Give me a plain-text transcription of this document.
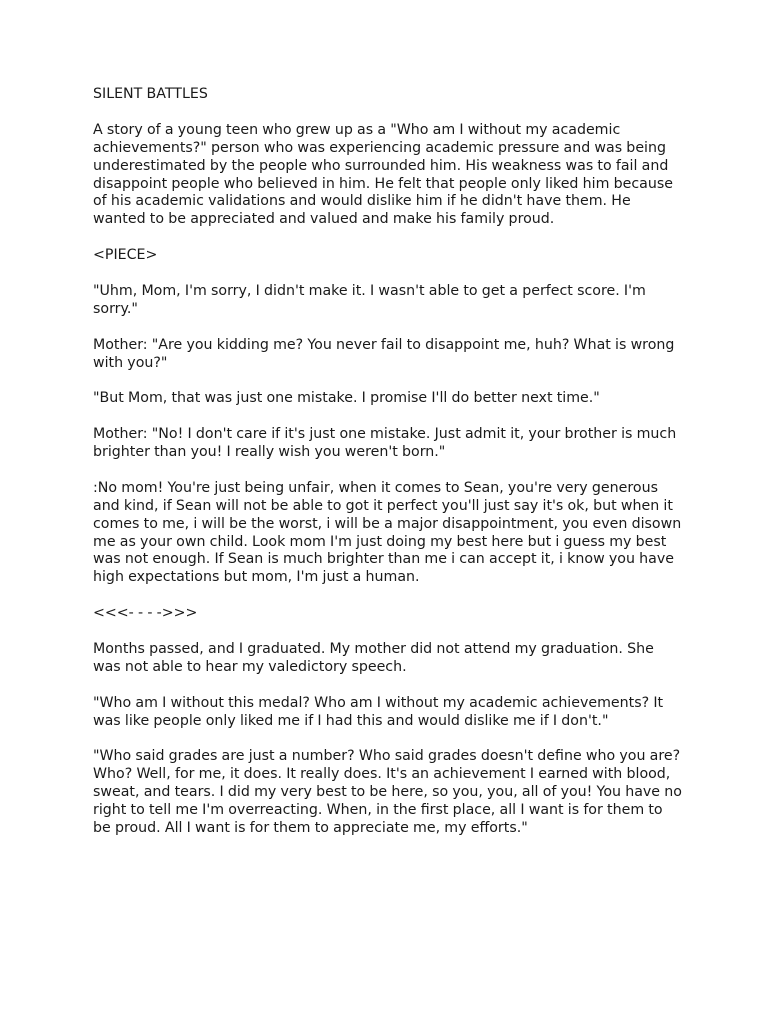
SILENT BATTLES

A story of a young teen who grew up as a "Who am I without my academic achievements?" person who was experiencing academic pressure and was being underestimated by the people who surrounded him. His weakness was to fail and disappoint people who believed in him. He felt that people only liked him because of his academic validations and would dislike him if he didn't have them. He wanted to be appreciated and valued and make his family proud.

<PIECE>

"Uhm, Mom, I'm sorry, I didn't make it. I wasn't able to get a perfect score. I'm sorry."

Mother: "Are you kidding me? You never fail to disappoint me, huh? What is wrong with you?"

"But Mom, that was just one mistake. I promise I'll do better next time."

Mother: "No! I don't care if it's just one mistake. Just admit it, your brother is much brighter than you! I really wish you weren't born."

:No mom! You're just being unfair, when it comes to Sean, you're very generous and kind, if Sean will not be able to got it perfect you'll just say it's ok, but when it comes to me, i will be the worst, i will be a major disappointment, you even disown me as your own child. Look mom I'm just doing my best here but i guess my best was not enough. If Sean is much brighter than me i can accept it, i know you have high expectations but mom, I'm just a human.

<<<- - - ->>>

Months passed, and I graduated. My mother did not attend my graduation. She was not able to hear my valedictory speech.

"Who am I without this medal? Who am I without my academic achievements? It was like people only liked me if I had this and would dislike me if I don't."

"Who said grades are just a number? Who said grades doesn't define who you are? Who? Well, for me, it does. It really does. It's an achievement I earned with blood, sweat, and tears. I did my very best to be here, so you, you, all of you! You have no right to tell me I'm overreacting. When, in the first place, all I want is for them to be proud. All I want is for them to appreciate me, my efforts."
